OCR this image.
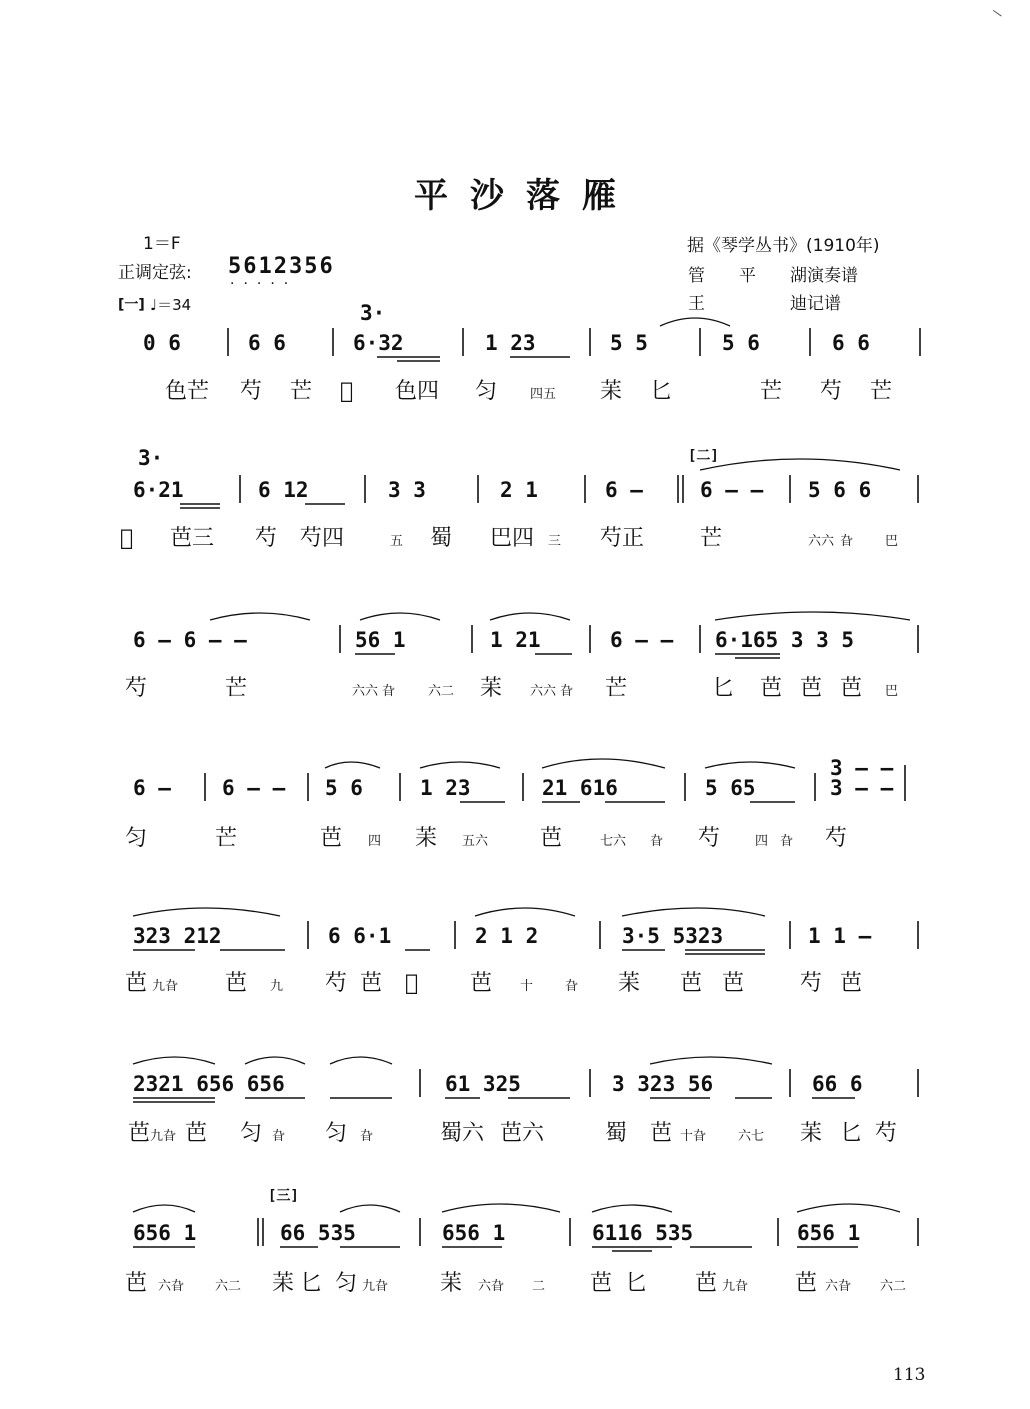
平沙落雁
1＝F
正调定弦: 5612356
·····
[一] ♩＝34
据《琴学丛书》(1910年)
管　　平　　湖演奏谱
王　　　　　迪记谱
3·
0 6	6 6	6·32	1 23	5 5	5 6	6 6
色芒 芍 芒 𡉣 色四 匀	四五 苿 匕	芒 芍 芒
3·	[二]
6·21	6 12	3 3	2 1	6 —	6 — — 5 6 6
𡉣 芭三 芍 芍四	五 蜀 巴四 三 芍正	芒	六六 旮 巴
6 — 6 — —	56 1	1 21	6 — — 6·165 3 3 5
芍	芒	六六 旮	六二 苿 六六 旮 芒	匕 芭 芭 芭 巴
6 — 6 — — 5 6	1 23	21 616	5 65
3 — —
3 — —
匀	芒	芭 四 苿 五六 芭	七六 旮 芍	四 旮 芍
323 212	6 6·1	2 1 2	3·5 5323	1 1 —
芭 九旮 芭 九 芍 芭 𡉣 芭 十 旮 苿 芭 芭	芍 芭
2321 656 656	61 325	3 323 56	66 6
芭 九旮 芭 匀 旮 匀 旮	蜀六 芭六	蜀 芭 十旮 六七 苿 匕 芍
[三]
656 1	66 535	656 1	6116 535	656 1
芭 六旮 六二 苿 匕 匀 九旮 苿 六旮 二 芭 匕 芭 九旮 芭 六旮 六二
113
